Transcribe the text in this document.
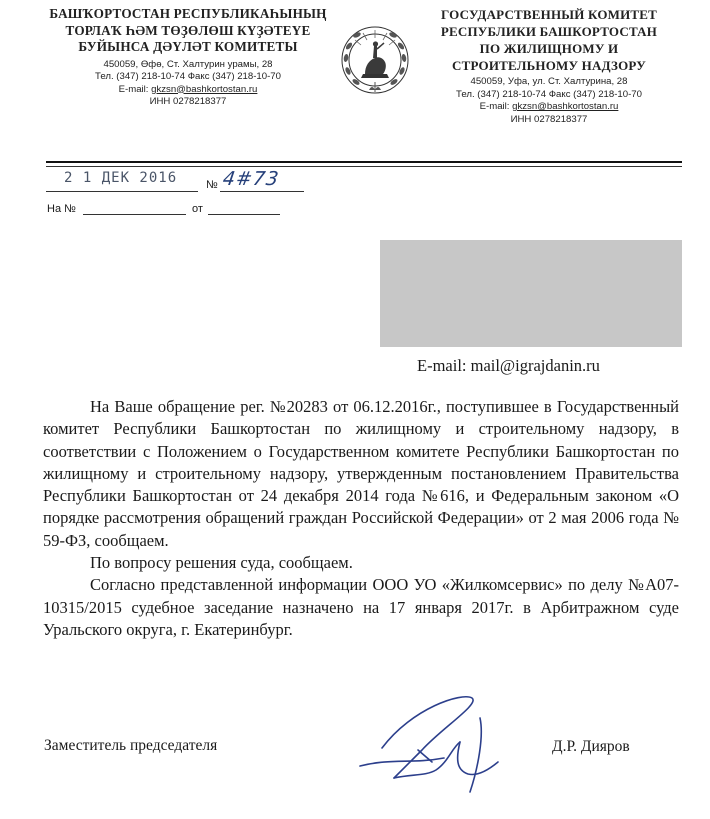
БАШҠОРТОСТАН РЕСПУБЛИКАҺЫНЫҢ
ТОРЛАҠ ҺӘМ ТӨҘӨЛӨШ КҮҘӘТЕҮЕ
БУЙЫНСА ДӘҮЛӘТ КОМИТЕТЫ
450059, Өфө, Ст. Халтурин урамы, 28
Тел. (347) 218-10-74 Факс (347) 218-10-70
E-mail: gkzsn@bashkortostan.ru
ИНН 0278218377
ГОСУДАРСТВЕННЫЙ КОМИТЕТ
РЕСПУБЛИКИ БАШКОРТОСТАН
ПО ЖИЛИЩНОМУ И
СТРОИТЕЛЬНОМУ НАДЗОРУ
450059, Уфа, ул. Ст. Халтурина, 28
Тел. (347) 218-10-74 Факс (347) 218-10-70
E-mail: gkzsn@bashkortostan.ru
ИНН 0278218377
2 1 ДЕК 2016	№ 4#73
На №	от
E-mail: mail@igrajdanin.ru

На Ваше обращение рег. №20283 от 06.12.2016г., поступившее в Государственный комитет Республики Башкортостан по жилищному и строительному надзору, в соответствии с Положением о Государственном комитете Республики Башкортостан по жилищному и строительному надзору, утвержденным постановлением Правительства Республики Башкортостан от 24 декабря 2014 года №616, и Федеральным законом «О порядке рассмотрения обращений граждан Российской Федерации» от 2 мая 2006 года № 59-ФЗ, сообщаем.

По вопросу решения суда, сообщаем.

Согласно представленной информации ООО УО «Жилкомсервис» по делу №А07-10315/2015 судебное заседание назначено на 17 января 2017г. в Арбитражном суде Уральского округа, г. Екатеринбург.

Заместитель председателя	Д.Р. Дияров
